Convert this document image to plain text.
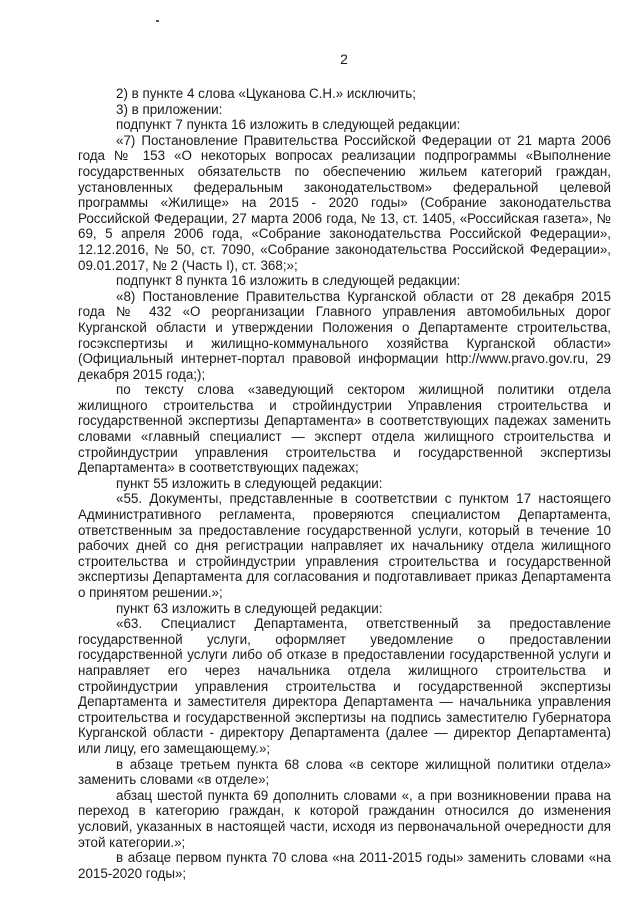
2

2) в пункте 4 слова «Цуканова С.Н.» исключить;

3) в приложении:

подпункт 7 пункта 16 изложить в следующей редакции:

«7) Постановление Правительства Российской Федерации от 21 марта 2006 года № 153 «О некоторых вопросах реализации подпрограммы «Выполнение государственных обязательств по обеспечению жильем категорий граждан, установленных федеральным законодательством» федеральной целевой программы «Жилище» на 2015 - 2020 годы» (Собрание законодательства Российской Федерации, 27 марта 2006 года, № 13, ст. 1405, «Российская газета», № 69, 5 апреля 2006 года, «Собрание законодательства Российской Федерации», 12.12.2016, № 50, ст. 7090, «Собрание законодательства Российской Федерации», 09.01.2017, № 2 (Часть I), ст. 368;»;

подпункт 8 пункта 16 изложить в следующей редакции:

«8) Постановление Правительства Курганской области от 28 декабря 2015 года № 432 «О реорганизации Главного управления автомобильных дорог Курганской области и утверждении Положения о Департаменте строительства, госэкспертизы и жилищно-коммунального хозяйства Курганской области» (Официальный интернет-портал правовой информации http://www.pravo.gov.ru, 29 декабря 2015 года;);

по тексту слова «заведующий сектором жилищной политики отдела жилищного строительства и стройиндустрии Управления строительства и государственной экспертизы Департамента» в соответствующих падежах заменить словами «главный специалист — эксперт отдела жилищного строительства и стройиндустрии управления строительства и государственной экспертизы Департамента» в соответствующих падежах;

пункт 55 изложить в следующей редакции:

«55. Документы, представленные в соответствии с пунктом 17 настоящего Административного регламента, проверяются специалистом Департамента, ответственным за предоставление государственной услуги, который в течение 10 рабочих дней со дня регистрации направляет их начальнику отдела жилищного строительства и стройиндустрии управления строительства и государственной экспертизы Департамента для согласования и подготавливает приказ Департамента о принятом решении.»;

пункт 63 изложить в следующей редакции:

«63. Специалист Департамента, ответственный за предоставление государственной услуги, оформляет уведомление о предоставлении государственной услуги либо об отказе в предоставлении государственной услуги и направляет его через начальника отдела жилищного строительства и стройиндустрии управления строительства и государственной экспертизы Департамента и заместителя директора Департамента — начальника управления строительства и государственной экспертизы на подпись заместителю Губернатора Курганской области - директору Департамента (далее — директор Департамента) или лицу, его замещающему.»;

в абзаце третьем пункта 68 слова «в секторе жилищной политики отдела» заменить словами «в отделе»;

абзац шестой пункта 69 дополнить словами «, а при возникновении права на переход в категорию граждан, к которой гражданин относился до изменения условий, указанных в настоящей части, исходя из первоначальной очередности для этой категории.»;

в абзаце первом пункта 70 слова «на 2011-2015 годы» заменить словами «на 2015-2020 годы»;
